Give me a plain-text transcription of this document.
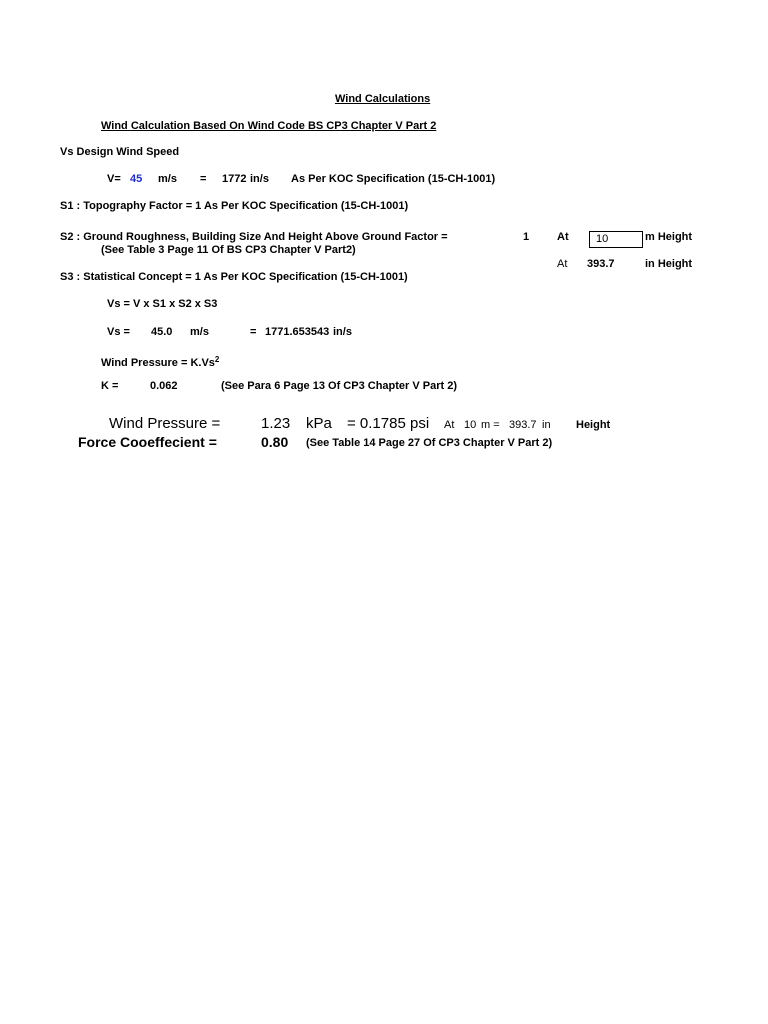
Wind Calculations
Wind Calculation Based On Wind Code BS CP3 Chapter V Part 2
Vs Design Wind Speed
V= 45 m/s = 1772 in/s As Per KOC Specification (15-CH-1001)
S1 : Topography Factor = 1 As Per KOC Specification (15-CH-1001)
S2 : Ground Roughness, Building Size And Height Above Ground Factor =
(See Table 3 Page 11 Of BS CP3 Chapter V Part2)
1	At	10	m Height
At 393.7	in Height
S3 : Statistical Concept = 1 As Per KOC Specification (15-CH-1001)
Vs = V x S1 x S2 x S3
Vs = 45.0 m/s	= 1771.653543 in/s
Wind Pressure = $K.Vs^2$
K =	0.062	(See Para 6 Page 13 Of CP3 Chapter V Part 2)
Wind Pressure =	1.23 kPa = 0.1785 psi At 10 m = 393.7 in Height
Force Cooeffecient =	0.80 (See Table 14 Page 27 Of CP3 Chapter V Part 2)
